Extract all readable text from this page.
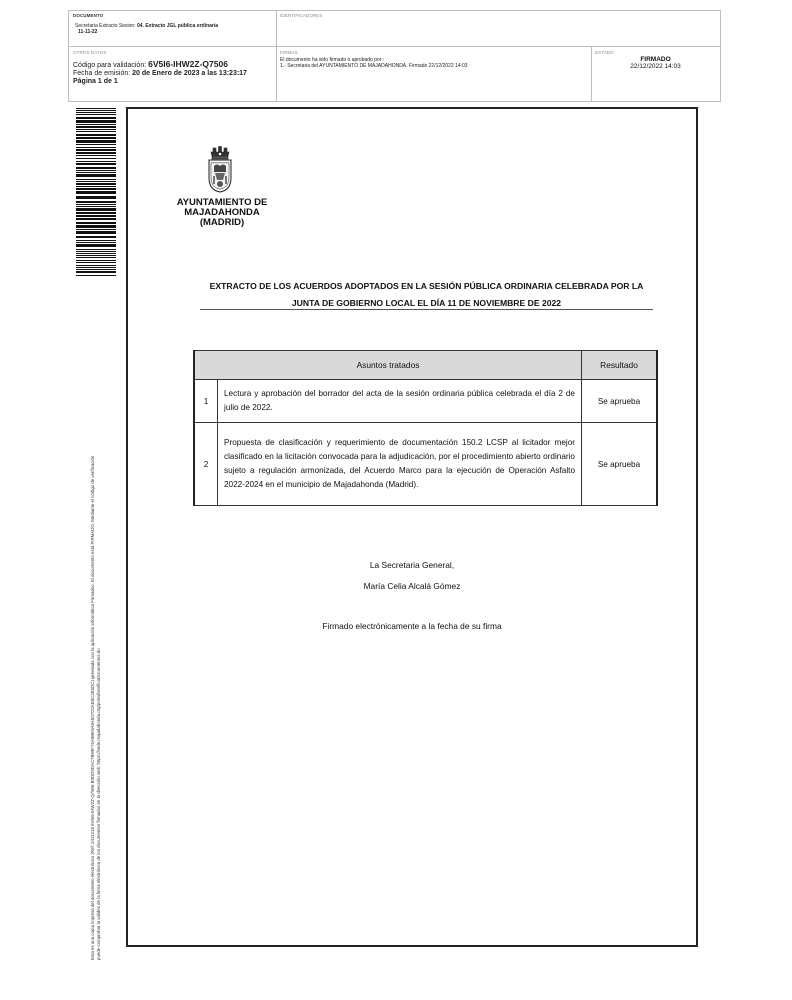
DOCUMENTO
Secretaria Extracto Sesion: 04. Extracto JGL pública ordinaria
11-11-22
IDENTIFICADORES
OTROS DATOS
Código para validación: 6V5I6-IHW2Z-Q7506
Fecha de emisión: 20 de Enero de 2023 a las 13:23:17
Página 1 de 1
FIRMAS
El documento ha sido firmado o aprobado por :
1.- Secretaria del AYUNTAMIENTO DE MAJADAHONDA. Firmado 22/12/2022 14:03
ESTADO
FIRMADO
22/12/2022 14:03
Esta es una copia impresa del documento electrónico (Ref: 2411218 6V5I6-IHW2Z-Q7506 B9DD9DAC7B99F74A5BE9A5A537C0AE8C2E6DC) generada con la aplicación informática Firmadoc. El documento está FIRMADO. Mediante el código de verificación puede comprobar la validez de la firma electrónica de los documentos firmados en la dirección web: https://sede.majadahonda.org/portal/verificaDocumentos.do
AYUNTAMIENTO DE
MAJADAHONDA
(MADRID)
EXTRACTO DE LOS ACUERDOS ADOPTADOS EN LA SESIÓN PÚBLICA ORDINARIA CELEBRADA POR LA
JUNTA DE GOBIERNO LOCAL EL DÍA 11 DE NOVIEMBRE DE 2022
Asuntos tratados		Resultado
1	Lectura y aprobación del borrador del acta de la sesión ordinaria pública celebrada el día 2 de julio de 2022.	Se aprueba
2	Propuesta de clasificación y requerimiento de documentación 150.2 LCSP al licitador mejor clasificado en la licitación convocada para la adjudicación, por el procedimiento abierto ordinario sujeto a regulación armonizada, del Acuerdo Marco para la ejecución de Operación Asfalto 2022-2024 en el municipio de Majadahonda (Madrid).	Se aprueba
La Secretaria General,
María Celia Alcalá Gómez
Firmado electrónicamente a la fecha de su firma
